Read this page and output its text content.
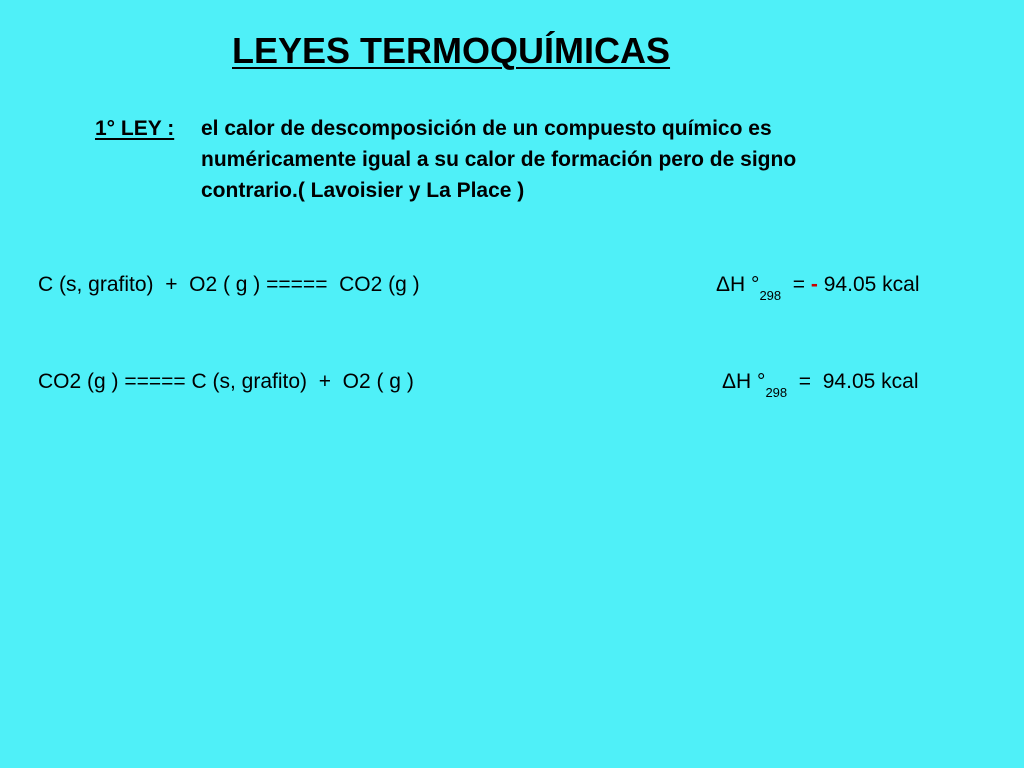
LEYES TERMOQUÍMICAS
1° LEY : el calor de descomposición de un compuesto químico es
numéricamente igual a su calor de formación pero de signo
contrario.( Lavoisier y La Place )
C (s, grafito)  +  O2 ( g ) =====  CO2 (g )	ΔH $^\circ_{298}$  = - 94.05 kcal
CO2 (g ) ===== C (s, grafito)  +  O2 ( g )	ΔH $^\circ_{298} = 94.05$ kcal
